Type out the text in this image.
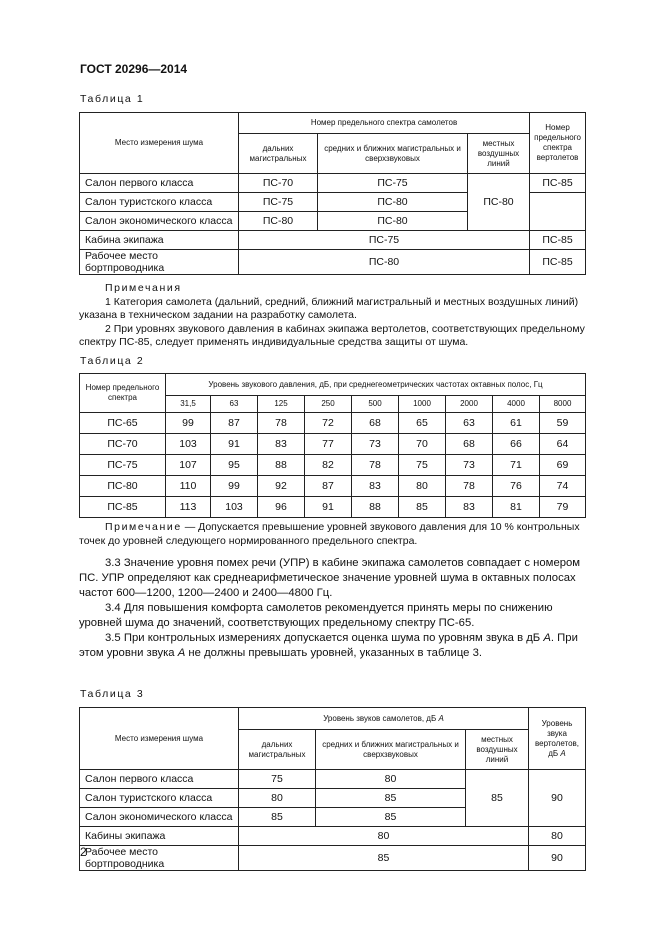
ГОСТ 20296—2014
Таблица 1
Место измерения шума	Номер предельного спектра самолетов			Номер предельного спектра вертолетов
	дальних магистральных	средних и ближних магистральных и сверхзвуковых	местных воздушных линий	
Салон первого класса	ПС-70	ПС-75	ПС-80	ПС-85
Салон туристского класса	ПС-75	ПС-80		
Салон экономического класса	ПС-80	ПС-80		
Кабина экипажа	ПС-75			ПС-85
Рабочее место бортпроводника	ПС-80			ПС-85

Примечания

1 Категория самолета (дальний, средний, ближний магистральный и местных воздушных линий) указана в техническом задании на разработку самолета.

2 При уровнях звукового давления в кабинах экипажа вертолетов, соответствующих предельному спектру ПС-85, следует применять индивидуальные средства защиты от шума.

Таблица 2
Номер предельного спектра	Уровень звукового давления, дБ, при среднегеометрических частотах октавных полос, Гц								
	31,5	63	125	250	500	1000	2000	4000	8000
ПС-65	99	87	78	72	68	65	63	61	59
ПС-70	103	91	83	77	73	70	68	66	64
ПС-75	107	95	88	82	78	75	73	71	69
ПС-80	110	99	92	87	83	80	78	76	74
ПС-85	113	103	96	91	88	85	83	81	79

Примечание — Допускается превышение уровней звукового давления для 10 % контрольных точек до уровней следующего нормированного предельного спектра.

3.3 Значение уровня помех речи (УПР) в кабине экипажа самолетов совпадает с номером ПС. УПР определяют как среднеарифметическое значение уровней шума в октавных полосах частот 600—1200, 1200—2400 и 2400—4800 Гц.

3.4 Для повышения комфорта самолетов рекомендуется принять меры по снижению уровней шума до значений, соответствующих предельному спектру ПС-65.

3.5 При контрольных измерениях допускается оценка шума по уровням звука в дБ A. При этом уровни звука A не должны превышать уровней, указанных в таблице 3.

Таблица 3
Место измерения шума	Уровень звуков самолетов, дБ A			Уровень звука вертолетов, дБ A
	дальних магистральных	средних и ближних магистральных и сверхзвуковых	местных воздушных линий	
Салон первого класса	75	80	85	90
Салон туристского класса	80	85		
Салон экономического класса	85	85		
Кабины экипажа	80			80
Рабочее место бортпроводника	85			90
2
